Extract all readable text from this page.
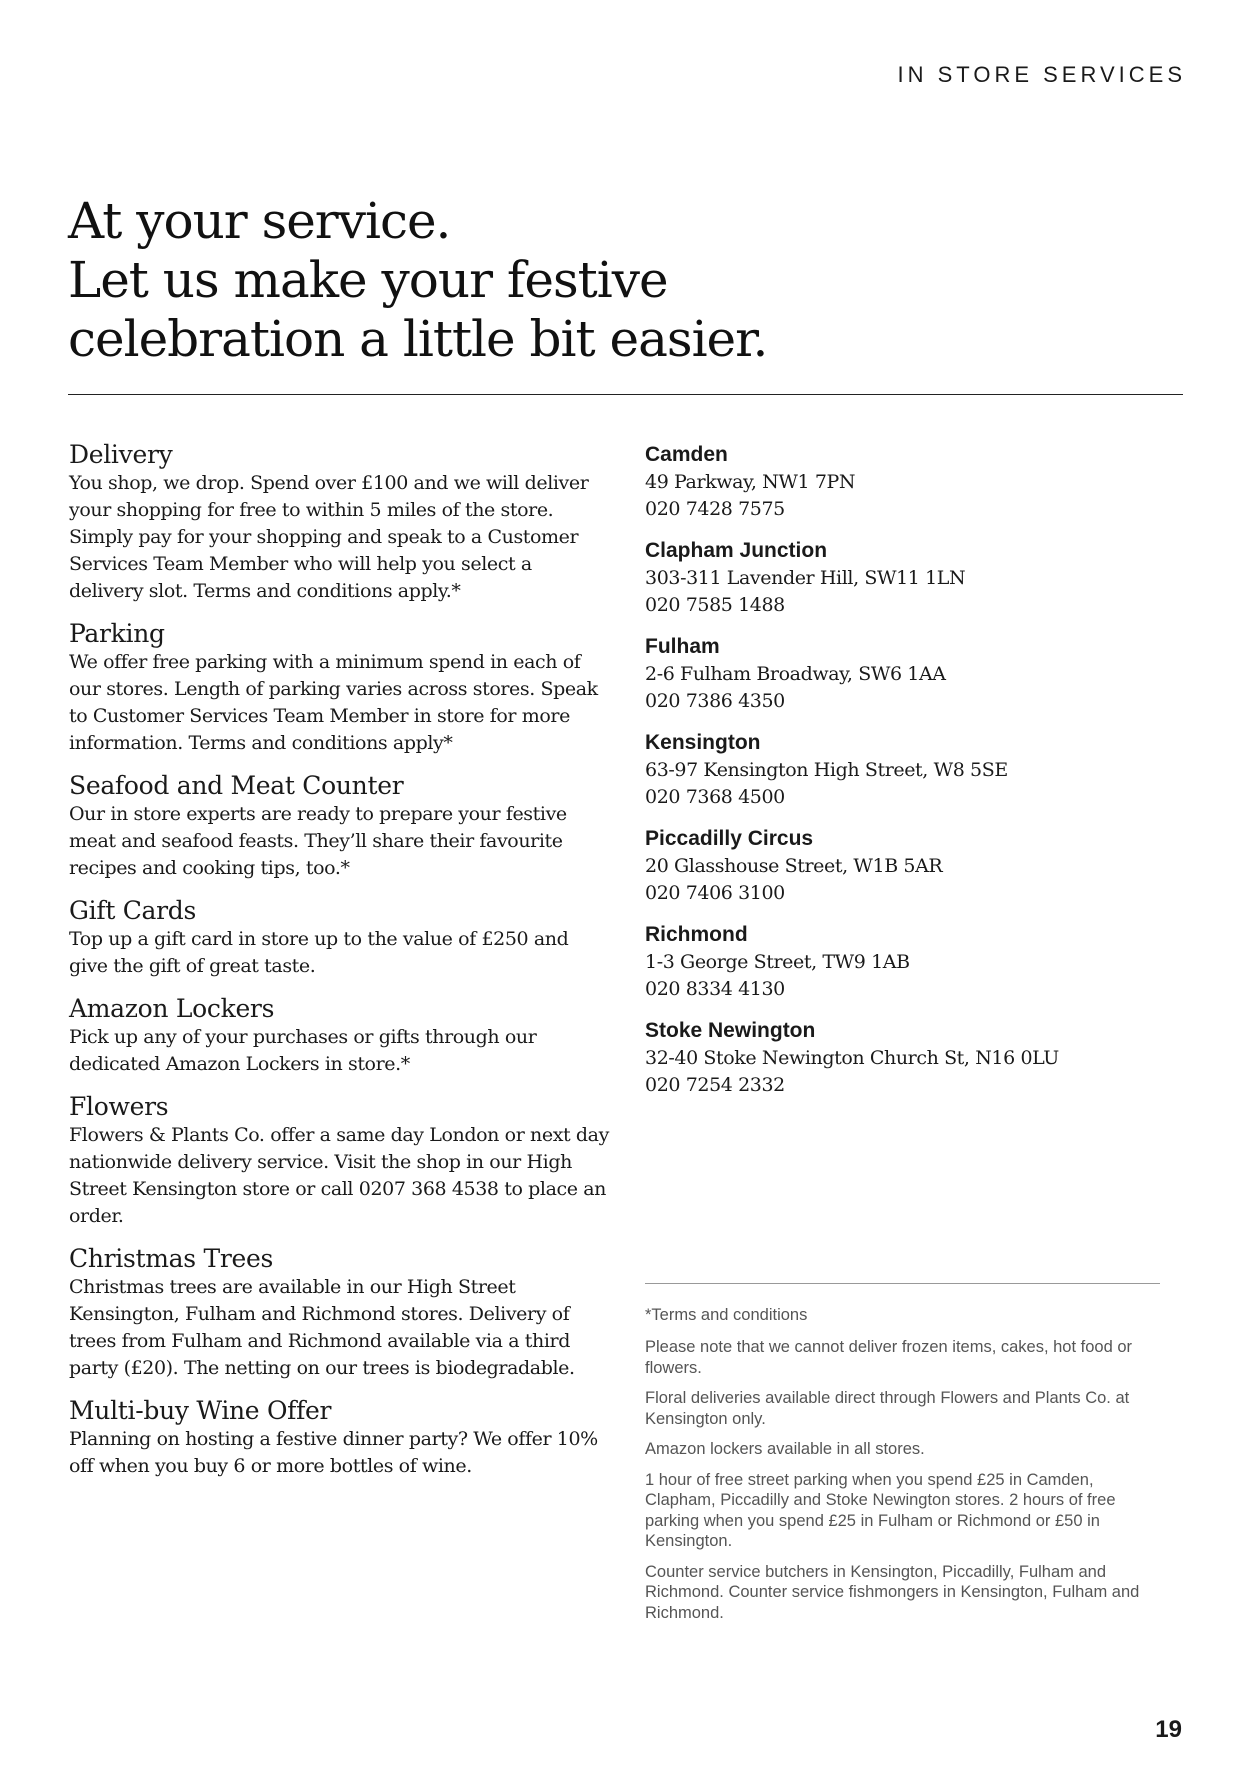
IN STORE SERVICES
At your service.
Let us make your festive
celebration a little bit easier.
Delivery

You shop, we drop. Spend over £100 and we will deliver your shopping for free to within 5 miles of the store. Simply pay for your shopping and speak to a Customer Services Team Member who will help you select a delivery slot. Terms and conditions apply.*

Parking

We offer free parking with a minimum spend in each of our stores. Length of parking varies across stores. Speak to Customer Services Team Member in store for more information. Terms and conditions apply*

Seafood and Meat Counter

Our in store experts are ready to prepare your festive meat and seafood feasts. They’ll share their favourite recipes and cooking tips, too.*

Gift Cards

Top up a gift card in store up to the value of £250 and give the gift of great taste.

Amazon Lockers

Pick up any of your purchases or gifts through our dedicated Amazon Lockers in store.*

Flowers

Flowers & Plants Co. offer a same day London or next day nationwide delivery service. Visit the shop in our High Street Kensington store or call 0207 368 4538 to place an order.

Christmas Trees

Christmas trees are available in our High Street Kensington, Fulham and Richmond stores. Delivery of trees from Fulham and Richmond available via a third party (£20). The netting on our trees is biodegradable.

Multi-buy Wine Offer

Planning on hosting a festive dinner party? We offer 10% off when you buy 6 or more bottles of wine.

Camden

49 Parkway, NW1 7PN

020 7428 7575

Clapham Junction

303-311 Lavender Hill, SW11 1LN

020 7585 1488

Fulham

2-6 Fulham Broadway, SW6 1AA

020 7386 4350

Kensington

63-97 Kensington High Street, W8 5SE

020 7368 4500

Piccadilly Circus

20 Glasshouse Street, W1B 5AR

020 7406 3100

Richmond

1-3 George Street, TW9 1AB

020 8334 4130

Stoke Newington

32-40 Stoke Newington Church St, N16 0LU

020 7254 2332

*Terms and conditions

Please note that we cannot deliver frozen items, cakes, hot food or flowers.

Floral deliveries available direct through Flowers and Plants Co. at Kensington only.

Amazon lockers available in all stores.

1 hour of free street parking when you spend £25 in Camden, Clapham, Piccadilly and Stoke Newington stores. 2 hours of free parking when you spend £25 in Fulham or Richmond or £50 in Kensington.

Counter service butchers in Kensington, Piccadilly, Fulham and Richmond. Counter service fishmongers in Kensington, Fulham and Richmond.

19
